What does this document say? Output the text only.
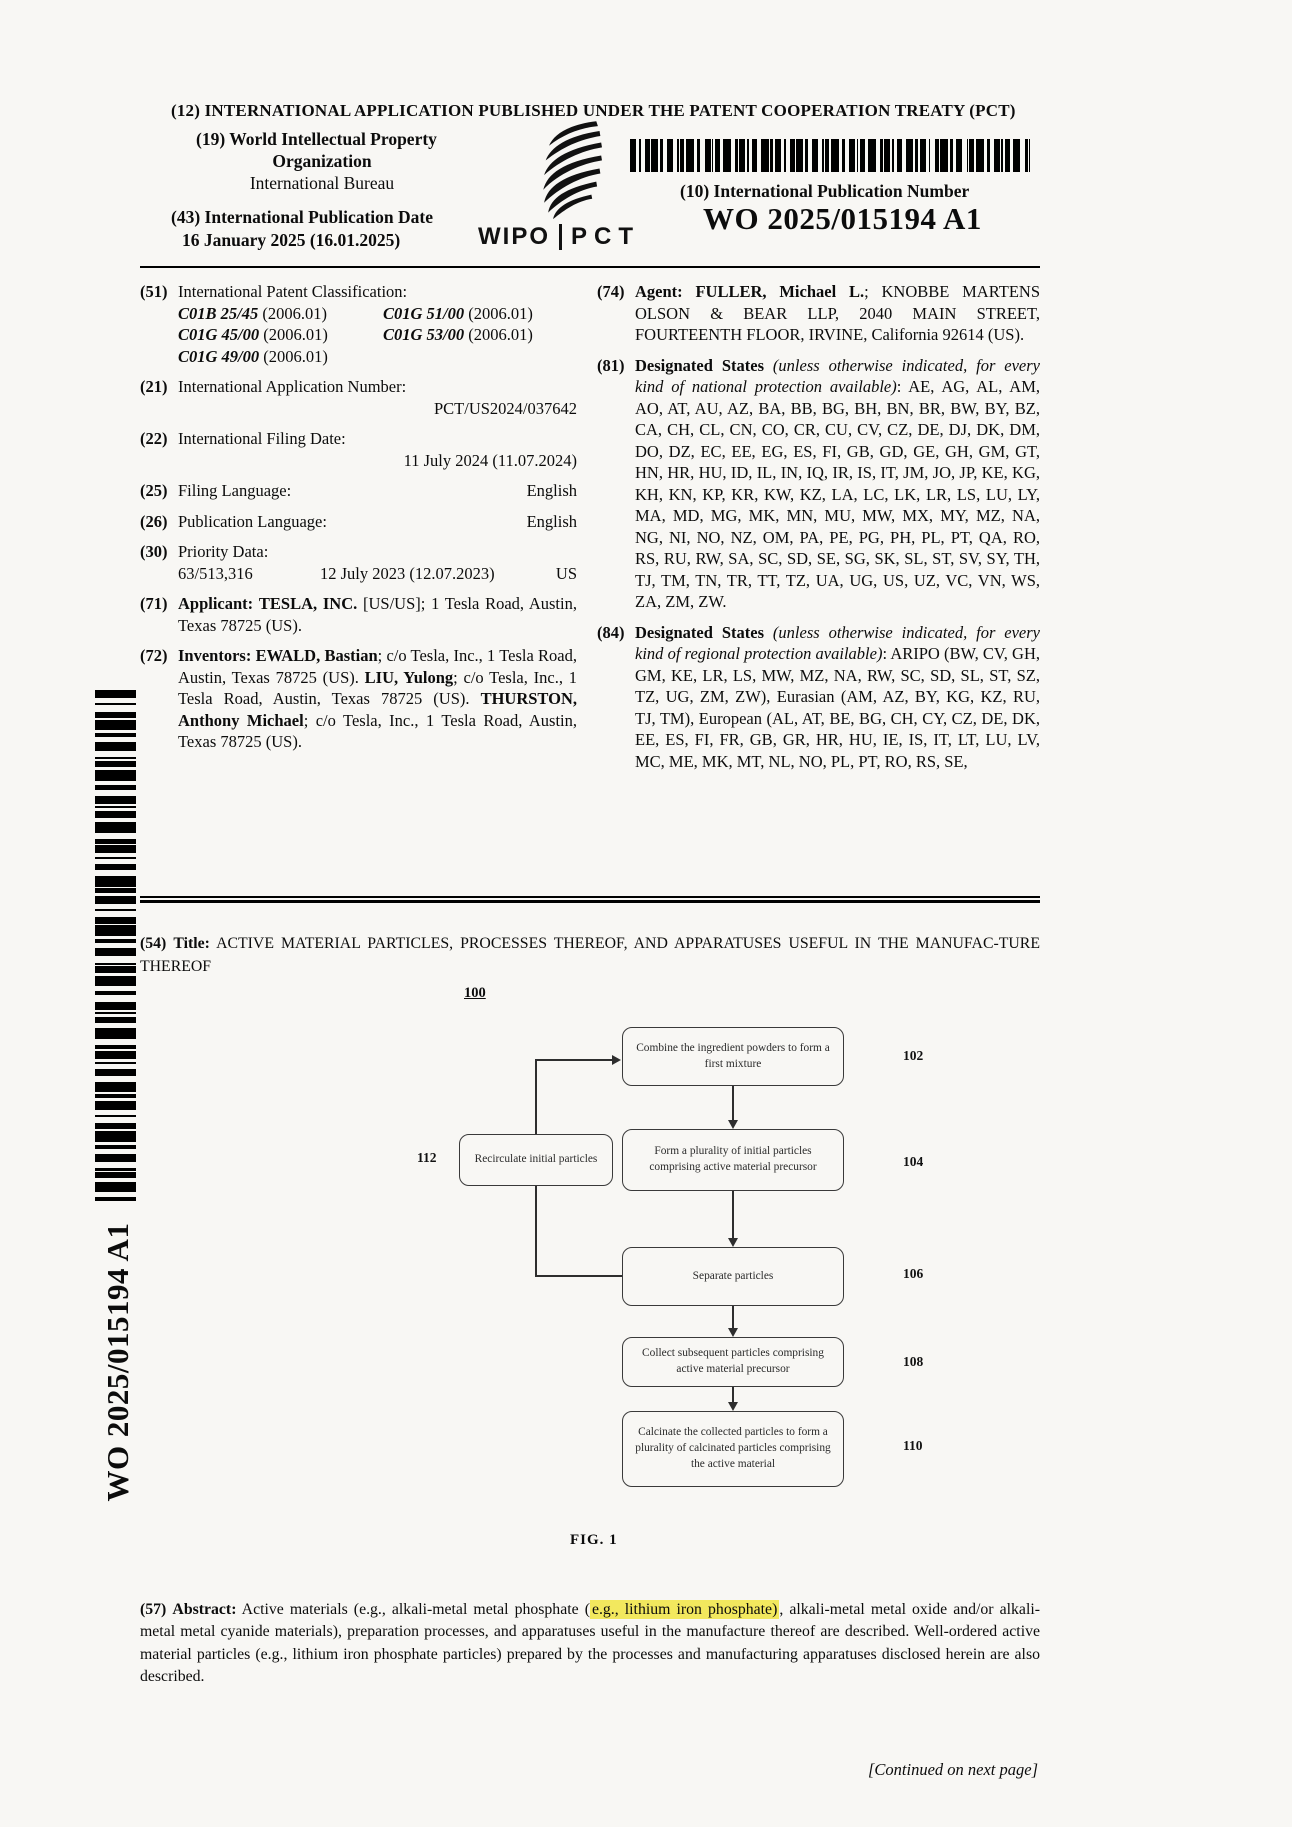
WO 2025/015194 A1
(12) INTERNATIONAL APPLICATION PUBLISHED UNDER THE PATENT COOPERATION TREATY (PCT)
(19) World Intellectual Property
Organization
International Bureau
(43) International Publication Date
16 January 2025 (16.01.2025)	WIPO PCT
(10) International Publication Number
WO 2025/015194 A1
(51) International Patent Classification:
C01B 25/45 (2006.01)	C01G 51/00 (2006.01)
C01G 45/00 (2006.01)	C01G 53/00 (2006.01)
C01G 49/00 (2006.01)
(21) International Application Number:
PCT/US2024/037642
(22) International Filing Date:
11 July 2024 (11.07.2024)
(25) Filing Language:	English
(26) Publication Language:	English
(30) Priority Data:
63/513,316	12 July 2023 (12.07.2023)	US
(71) Applicant: TESLA, INC. [US/US]; 1 Tesla Road, Austin, Texas 78725 (US).
(72) Inventors: EWALD, Bastian; c/o Tesla, Inc., 1 Tesla Road, Austin, Texas 78725 (US). LIU, Yulong; c/o Tesla, Inc., 1 Tesla Road, Austin, Texas 78725 (US). THURSTON, Anthony Michael; c/o Tesla, Inc., 1 Tesla Road, Austin, Texas 78725 (US).
(74) Agent: FULLER, Michael L.; KNOBBE MARTENS OLSON & BEAR LLP, 2040 MAIN STREET, FOURTEENTH FLOOR, IRVINE, California 92614 (US).
(81) Designated States (unless otherwise indicated, for every kind of national protection available): AE, AG, AL, AM, AO, AT, AU, AZ, BA, BB, BG, BH, BN, BR, BW, BY, BZ, CA, CH, CL, CN, CO, CR, CU, CV, CZ, DE, DJ, DK, DM, DO, DZ, EC, EE, EG, ES, FI, GB, GD, GE, GH, GM, GT, HN, HR, HU, ID, IL, IN, IQ, IR, IS, IT, JM, JO, JP, KE, KG, KH, KN, KP, KR, KW, KZ, LA, LC, LK, LR, LS, LU, LY, MA, MD, MG, MK, MN, MU, MW, MX, MY, MZ, NA, NG, NI, NO, NZ, OM, PA, PE, PG, PH, PL, PT, QA, RO, RS, RU, RW, SA, SC, SD, SE, SG, SK, SL, ST, SV, SY, TH, TJ, TM, TN, TR, TT, TZ, UA, UG, US, UZ, VC, VN, WS, ZA, ZM, ZW.
(84) Designated States (unless otherwise indicated, for every kind of regional protection available): ARIPO (BW, CV, GH, GM, KE, LR, LS, MW, MZ, NA, RW, SC, SD, SL, ST, SZ, TZ, UG, ZM, ZW), Eurasian (AM, AZ, BY, KG, KZ, RU, TJ, TM), European (AL, AT, BE, BG, CH, CY, CZ, DE, DK, EE, ES, FI, FR, GB, GR, HR, HU, IE, IS, IT, LT, LU, LV, MC, ME, MK, MT, NL, NO, PL, PT, RO, RS, SE,

(54) Title: ACTIVE MATERIAL PARTICLES, PROCESSES THEREOF, AND APPARATUSES USEFUL IN THE MANUFAC-TURE THEREOF

100
Combine the ingredient powders to form a first mixture
Recirculate initial particles
Form a plurality of initial particles comprising active material precursor
Separate particles
Collect subsequent particles comprising active material precursor
Calcinate the collected particles to form a plurality of calcinated particles comprising the active material
102
104
106
108
110
112
FIG. 1

(57) Abstract: Active materials (e.g., alkali-metal metal phosphate ( e.g., lithium iron phosphate) , alkali-metal metal oxide and/or alkali-metal metal cyanide materials), preparation processes, and apparatuses useful in the manufacture thereof are described. Well-ordered active material particles (e.g., lithium iron phosphate particles) prepared by the processes and manufacturing apparatuses disclosed herein are also described.

[Continued on next page]
